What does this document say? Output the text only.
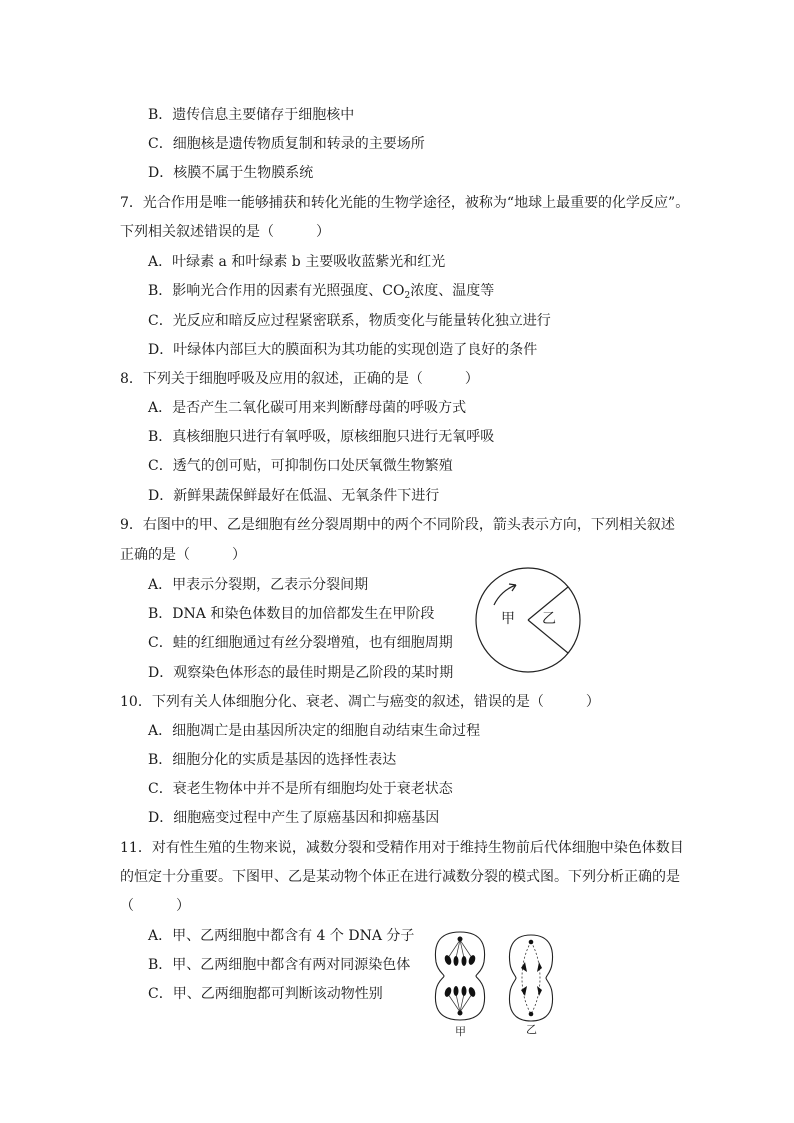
B．遗传信息主要储存于细胞核中
C．细胞核是遗传物质复制和转录的主要场所
D．核膜不属于生物膜系统
7．光合作用是唯一能够捕获和转化光能的生物学途径，被称为“地球上最重要的化学反应”。
下列相关叙述错误的是（　　　）
A．叶绿素 a 和叶绿素 b 主要吸收蓝紫光和红光
B．影响光合作用的因素有光照强度、$CO_2$浓度、温度等
C．光反应和暗反应过程紧密联系，物质变化与能量转化独立进行
D．叶绿体内部巨大的膜面积为其功能的实现创造了良好的条件
8．下列关于细胞呼吸及应用的叙述，正确的是（　　　）
A．是否产生二氧化碳可用来判断酵母菌的呼吸方式
B．真核细胞只进行有氧呼吸，原核细胞只进行无氧呼吸
C．透气的创可贴，可抑制伤口处厌氧微生物繁殖
D．新鲜果蔬保鲜最好在低温、无氧条件下进行
9．右图中的甲、乙是细胞有丝分裂周期中的两个不同阶段，箭头表示方向，下列相关叙述
正确的是（　　　）
A．甲表示分裂期，乙表示分裂间期
B．DNA 和染色体数目的加倍都发生在甲阶段
C．蛙的红细胞通过有丝分裂增殖，也有细胞周期
D．观察染色体形态的最佳时期是乙阶段的某时期
甲 乙
10．下列有关人体细胞分化、衰老、凋亡与癌变的叙述，错误的是（　　　）
A．细胞凋亡是由基因所决定的细胞自动结束生命过程
B．细胞分化的实质是基因的选择性表达
C．衰老生物体中并不是所有细胞均处于衰老状态
D．细胞癌变过程中产生了原癌基因和抑癌基因
11．对有性生殖的生物来说，减数分裂和受精作用对于维持生物前后代体细胞中染色体数目
的恒定十分重要。下图甲、乙是某动物个体正在进行减数分裂的模式图。下列分析正确的是
（　　　）
A．甲、乙两细胞中都含有 4 个 DNA 分子
B．甲、乙两细胞中都含有两对同源染色体
C．甲、乙两细胞都可判断该动物性别
甲	乙
